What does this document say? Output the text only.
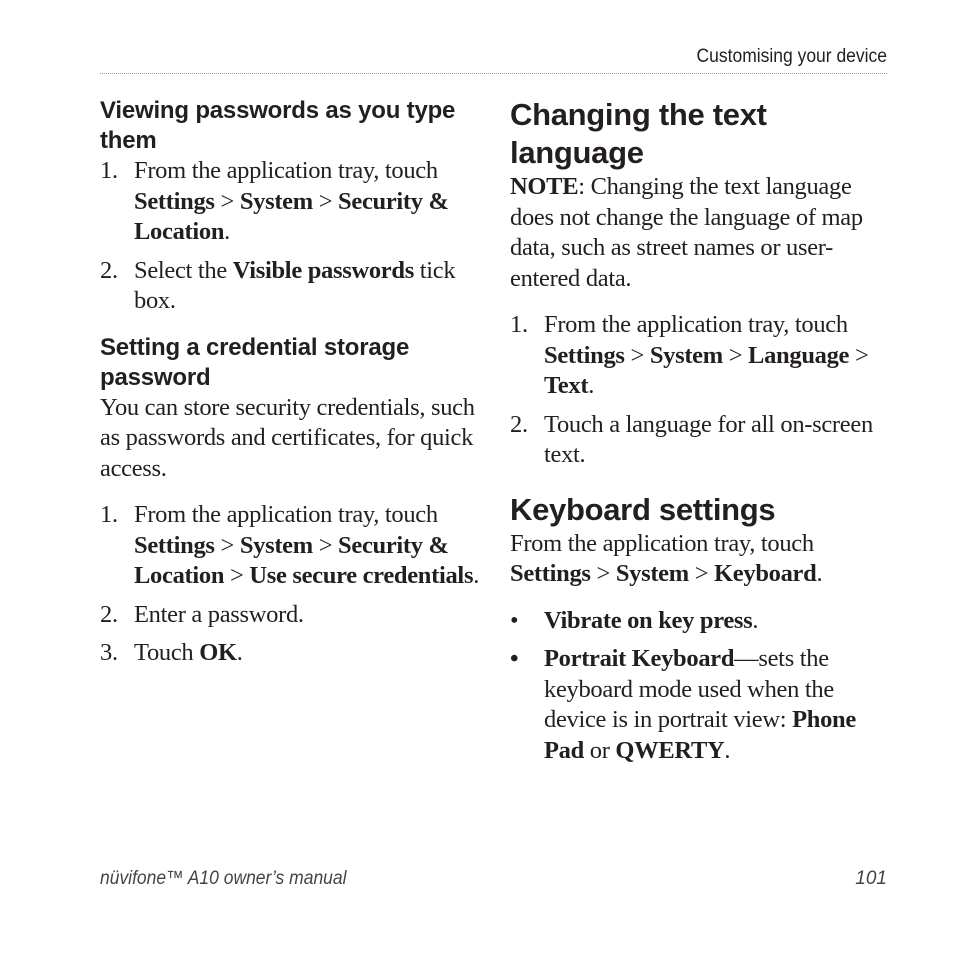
Customising your device
Viewing passwords as you type them
1. From the application tray, touch Settings > System > Security & Location.
2. Select the Visible passwords tick box.
Setting a credential storage password

You can store security credentials, such as passwords and certificates, for quick access.

1. From the application tray, touch Settings > System > Security & Location > Use secure credentials.
2. Enter a password.
3. Touch OK.
Changing the text language

NOTE: Changing the text language does not change the language of map data, such as street names or user-entered data.

1. From the application tray, touch Settings > System > Language > Text.
2. Touch a language for all on-screen text.
Keyboard settings

From the application tray, touch Settings > System > Keyboard.

• Vibrate on key press.
• Portrait Keyboard—sets the keyboard mode used when the device is in portrait view: Phone Pad or QWERTY.
nüvifone™ A10 owner’s manual	101
